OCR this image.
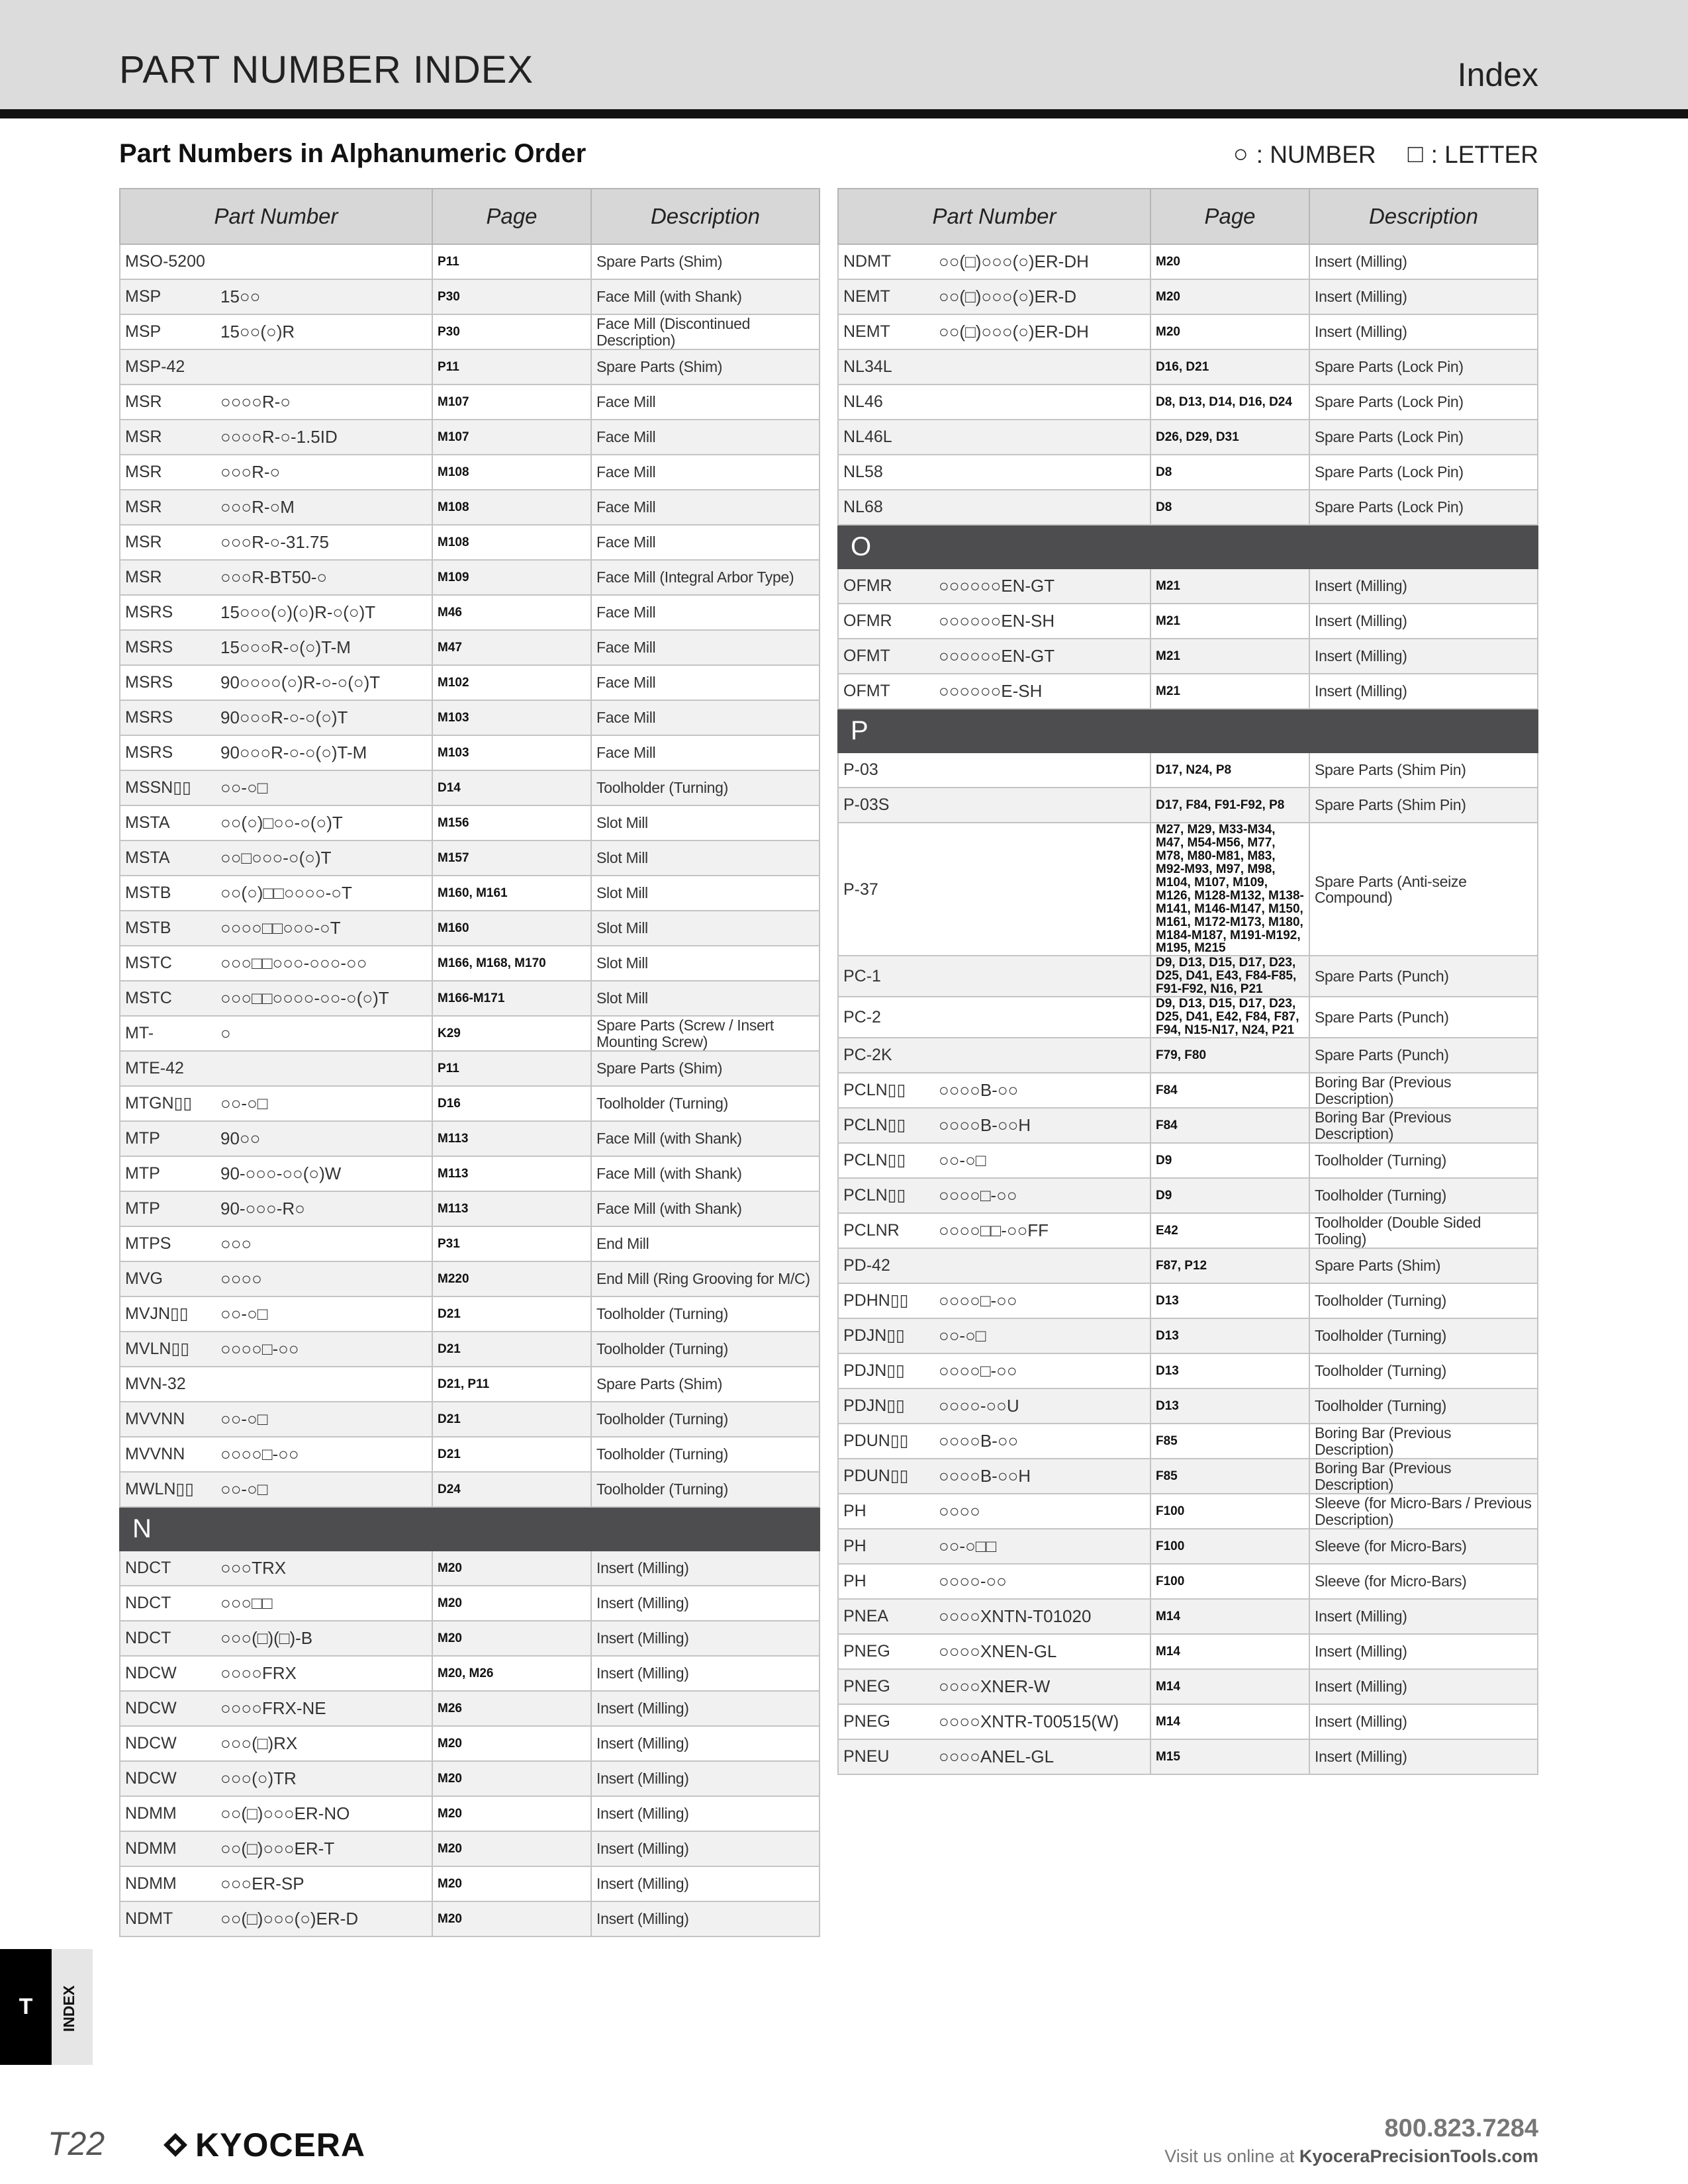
PART NUMBER INDEX	Index
Part Numbers in Alphanumeric Order	○ : NUMBER □ : LETTER
Part Number		Page	Description
MSO-5200		P11	Spare Parts (Shim)
MSP	15○○	P30	Face Mill (with Shank)
MSP	15○○(○)R	P30	Face Mill (Discontinued Description)
MSP-42		P11	Spare Parts (Shim)
MSR	○○○○R-○	M107	Face Mill
MSR	○○○○R-○-1.5ID	M107	Face Mill
MSR	○○○R-○	M108	Face Mill
MSR	○○○R-○M	M108	Face Mill
MSR	○○○R-○-31.75	M108	Face Mill
MSR	○○○R-BT50-○	M109	Face Mill (Integral Arbor Type)
MSRS	15○○○(○)(○)R-○(○)T	M46	Face Mill
MSRS	15○○○R-○(○)T-M	M47	Face Mill
MSRS	90○○○○(○)R-○-○(○)T	M102	Face Mill
MSRS	90○○○R-○-○(○)T	M103	Face Mill
MSRS	90○○○R-○-○(○)T-M	M103	Face Mill
MSSN▯▯	○○-○□	D14	Toolholder (Turning)
MSTA	○○(○)□○○-○(○)T	M156	Slot Mill
MSTA	○○□○○○-○(○)T	M157	Slot Mill
MSTB	○○(○)□□○○○○-○T	M160, M161	Slot Mill
MSTB	○○○○□□○○○-○T	M160	Slot Mill
MSTC	○○○□□○○○-○○○-○○	M166, M168, M170	Slot Mill
MSTC	○○○□□○○○○-○○-○(○)T	M166-M171	Slot Mill
MT-	○	K29	Spare Parts (Screw / Insert Mounting Screw)
MTE-42		P11	Spare Parts (Shim)
MTGN▯▯	○○-○□	D16	Toolholder (Turning)
MTP	90○○	M113	Face Mill (with Shank)
MTP	90-○○○-○○(○)W	M113	Face Mill (with Shank)
MTP	90-○○○-R○	M113	Face Mill (with Shank)
MTPS	○○○	P31	End Mill
MVG	○○○○	M220	End Mill (Ring Grooving for M/C)
MVJN▯▯	○○-○□	D21	Toolholder (Turning)
MVLN▯▯	○○○○□-○○	D21	Toolholder (Turning)
MVN-32		D21, P11	Spare Parts (Shim)
MVVNN	○○-○□	D21	Toolholder (Turning)
MVVNN	○○○○□-○○	D21	Toolholder (Turning)
MWLN▯▯	○○-○□	D24	Toolholder (Turning)
N			
NDCT	○○○TRX	M20	Insert (Milling)
NDCT	○○○□□	M20	Insert (Milling)
NDCT	○○○(□)(□)-B	M20	Insert (Milling)
NDCW	○○○○FRX	M20, M26	Insert (Milling)
NDCW	○○○○FRX-NE	M26	Insert (Milling)
NDCW	○○○(□)RX	M20	Insert (Milling)
NDCW	○○○(○)TR	M20	Insert (Milling)
NDMM	○○(□)○○○ER-NO	M20	Insert (Milling)
NDMM	○○(□)○○○ER-T	M20	Insert (Milling)
NDMM	○○○ER-SP	M20	Insert (Milling)
NDMT	○○(□)○○○(○)ER-D	M20	Insert (Milling)
Part Number		Page	Description
NDMT	○○(□)○○○(○)ER-DH	M20	Insert (Milling)
NEMT	○○(□)○○○(○)ER-D	M20	Insert (Milling)
NEMT	○○(□)○○○(○)ER-DH	M20	Insert (Milling)
NL34L		D16, D21	Spare Parts (Lock Pin)
NL46		D8, D13, D14, D16, D24	Spare Parts (Lock Pin)
NL46L		D26, D29, D31	Spare Parts (Lock Pin)
NL58		D8	Spare Parts (Lock Pin)
NL68		D8	Spare Parts (Lock Pin)
O			
OFMR	○○○○○○EN-GT	M21	Insert (Milling)
OFMR	○○○○○○EN-SH	M21	Insert (Milling)
OFMT	○○○○○○EN-GT	M21	Insert (Milling)
OFMT	○○○○○○E-SH	M21	Insert (Milling)
P			
P-03		D17, N24, P8	Spare Parts (Shim Pin)
P-03S		D17, F84, F91-F92, P8	Spare Parts (Shim Pin)
P-37		M27, M29, M33-M34, M47, M54-M56, M77, M78, M80-M81, M83, M92-M93, M97, M98, M104, M107, M109, M126, M128-M132, M138-M141, M146-M147, M150, M161, M172-M173, M180, M184-M187, M191-M192, M195, M215	Spare Parts (Anti-seize Compound)
PC-1		D9, D13, D15, D17, D23, D25, D41, E43, F84-F85, F91-F92, N16, P21	Spare Parts (Punch)
PC-2		D9, D13, D15, D17, D23, D25, D41, E42, F84, F87, F94, N15-N17, N24, P21	Spare Parts (Punch)
PC-2K		F79, F80	Spare Parts (Punch)
PCLN▯▯	○○○○B-○○	F84	Boring Bar (Previous Description)
PCLN▯▯	○○○○B-○○H	F84	Boring Bar (Previous Description)
PCLN▯▯	○○-○□	D9	Toolholder (Turning)
PCLN▯▯	○○○○□-○○	D9	Toolholder (Turning)
PCLNR	○○○○□□-○○FF	E42	Toolholder (Double Sided Tooling)
PD-42		F87, P12	Spare Parts (Shim)
PDHN▯▯	○○○○□-○○	D13	Toolholder (Turning)
PDJN▯▯	○○-○□	D13	Toolholder (Turning)
PDJN▯▯	○○○○□-○○	D13	Toolholder (Turning)
PDJN▯▯	○○○○-○○U	D13	Toolholder (Turning)
PDUN▯▯	○○○○B-○○	F85	Boring Bar (Previous Description)
PDUN▯▯	○○○○B-○○H	F85	Boring Bar (Previous Description)
PH	○○○○	F100	Sleeve (for Micro-Bars / Previous Description)
PH	○○-○□□	F100	Sleeve (for Micro-Bars)
PH	○○○○-○○	F100	Sleeve (for Micro-Bars)
PNEA	○○○○XNTN-T01020	M14	Insert (Milling)
PNEG	○○○○XNEN-GL	M14	Insert (Milling)
PNEG	○○○○XNER-W	M14	Insert (Milling)
PNEG	○○○○XNTR-T00515(W)	M14	Insert (Milling)
PNEU	○○○○ANEL-GL	M15	Insert (Milling)
T	INDEX
T22	KYOCERA	800.823.7284
Visit us online at KyoceraPrecisionTools.com
